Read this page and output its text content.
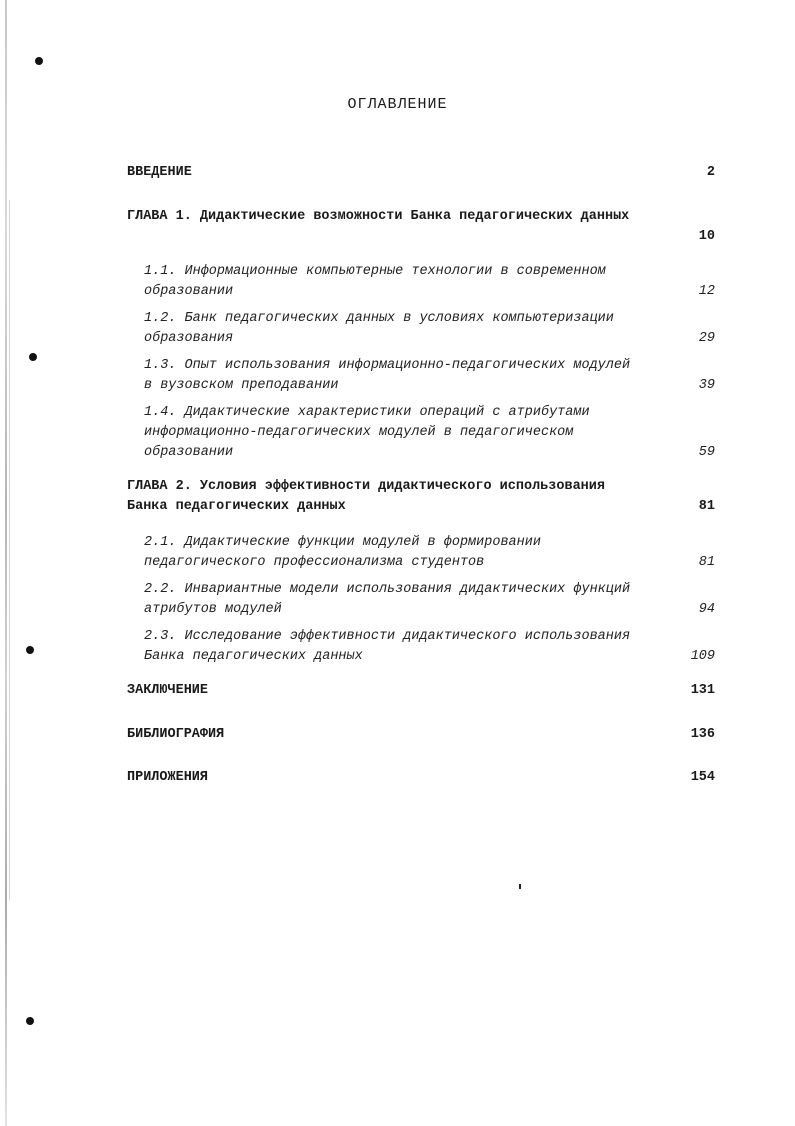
ОГЛАВЛЕНИЕ
ВВЕДЕНИЕ	2
ГЛАВА 1. Дидактические возможности Банка педагогических данных
10
1.1. Информационные компьютерные технологии в современном
образовании	12
1.2. Банк педагогических данных в условиях компьютеризации
образования	29
1.3. Опыт использования информационно-педагогических модулей
в вузовском преподавании	39
1.4. Дидактические характеристики операций с атрибутами
информационно-педагогических модулей в педагогическом
образовании	59
ГЛАВА 2. Условия эффективности дидактического использования
Банка педагогических данных	81
2.1. Дидактические функции модулей в формировании
педагогического профессионализма студентов	81
2.2. Инвариантные модели использования дидактических функций
атрибутов модулей	94
2.3. Исследование эффективности дидактического использования
Банка педагогических данных	109
ЗАКЛЮЧЕНИЕ	131
БИБЛИОГРАФИЯ	136
ПРИЛОЖЕНИЯ	154
